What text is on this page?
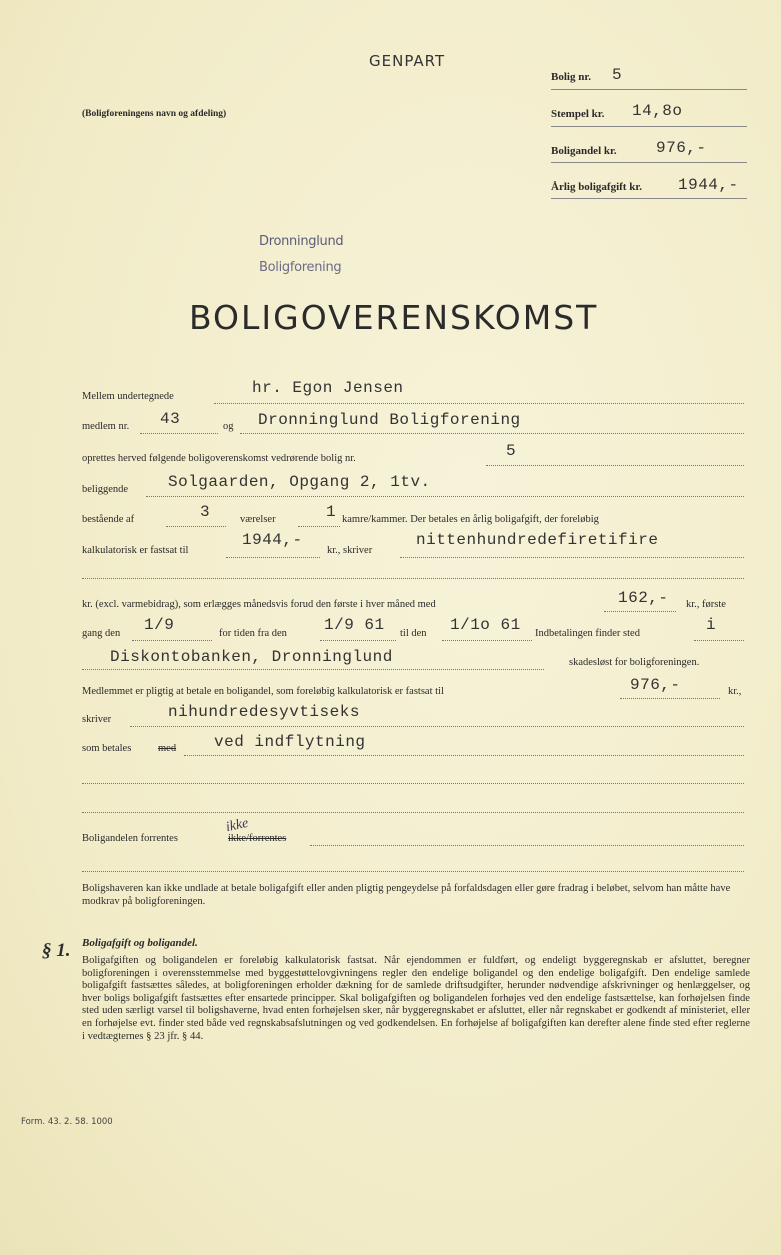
GENPART
(Boligforeningens navn og afdeling)
Bolig nr. 5
Stempel kr. 14,8o
Boligandel kr. 976,-
Årlig boligafgift kr. 1944,-
Dronninglund
Boligforening
BOLIGOVERENSKOMST
Mellem undertegnede	hr. Egon Jensen
medlem nr. 43	og Dronninglund Boligforening
oprettes herved følgende boligoverenskomst vedrørende bolig nr.	5
beliggende Solgaarden, Opgang 2, 1tv.
bestående af	3	værelser	1 kamre/kammer. Der betales en årlig boligafgift, der foreløbig
kalkulatorisk er fastsat til
1944,-
kr., skriver
nittenhundredefiretifire
kr. (excl. varmebidrag), som erlægges månedsvis forud den første i hver måned med	162,- kr., første
gang den 1/9	for tiden fra den 1/9 61 til den 1/1o 61 Indbetalingen finder sted	i
Diskontobanken, Dronninglund	skadesløst for boligforeningen.
Medlemmet er pligtig at betale en boligandel, som foreløbig kalkulatorisk er fastsat til	976,-	kr.,
skriver	nihundredesyvtiseks
som betales	med ved indflytning
Boligandelen forrentes	ikke/forrentes
ikke
Boligshaveren kan ikke undlade at betale boligafgift eller anden pligtig pengeydelse på forfaldsdagen eller gøre fradrag i beløbet, selvom han måtte have modkrav på boligforeningen.
§ 1. Boligafgift og boligandel.
Boligafgiften og boligandelen er foreløbig kalkulatorisk fastsat. Når ejendommen er fuldført, og endeligt byggeregnskab er afsluttet, beregner boligforeningen i overensstemmelse med byggestøttelovgivningens regler den endelige boligandel og den endelige boligafgift. Den endelige samlede boligafgift fastsættes således, at boligforeningen erholder dækning for de samlede driftsudgifter, herunder nødvendige afskrivninger og henlæggelser, og hver boligs boligafgift fastsættes efter ensartede principper. Skal boligafgiften og boligandelen forhøjes ved den endelige fastsættelse, kan forhøjelsen finde sted uden særligt varsel til boligshaverne, hvad enten forhøjelsen sker, når byggeregnskabet er afsluttet, eller når regnskabet er godkendt af ministeriet, eller en forhøjelse evt. finder sted både ved regnskabsafslutningen og ved godkendelsen. En forhøjelse af boligafgiften kan derefter alene finde sted efter reglerne i vedtægternes § 23 jfr. § 44.
Form. 43. 2. 58. 1000
